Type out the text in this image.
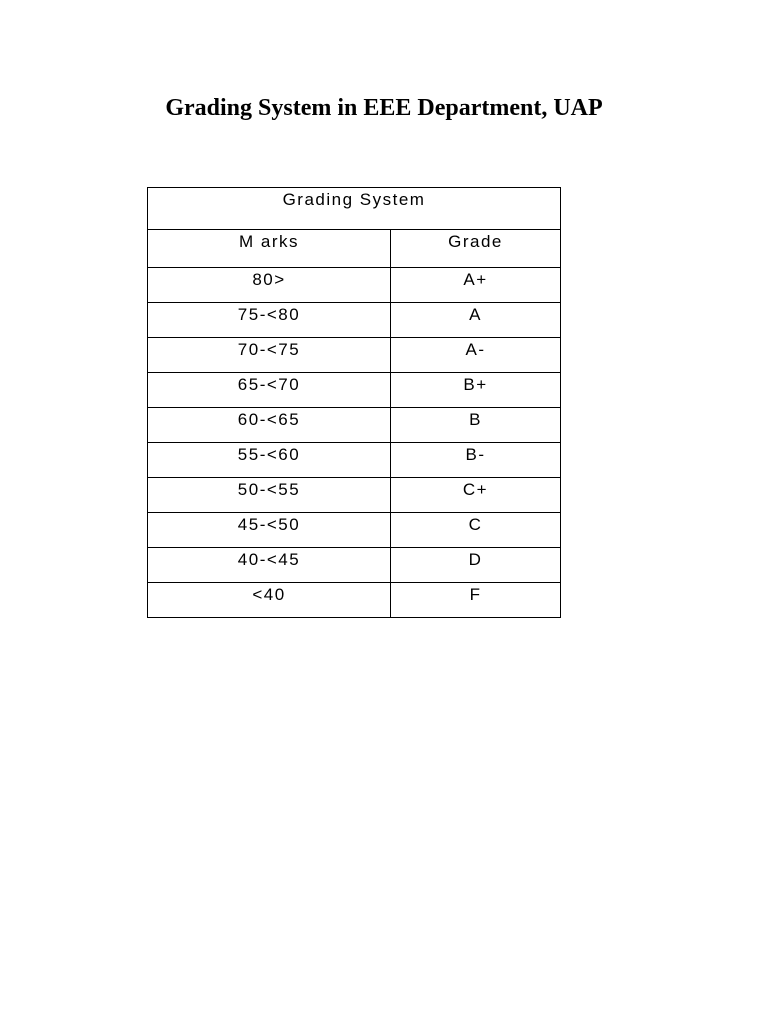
Grading System in EEE Department, UAP
Grading System	
M arks	Grade
80>	A+
75-<80	A
70-<75	A-
65-<70	B+
60-<65	B
55-<60	B-
50-<55	C+
45-<50	C
40-<45	D
<40	F
